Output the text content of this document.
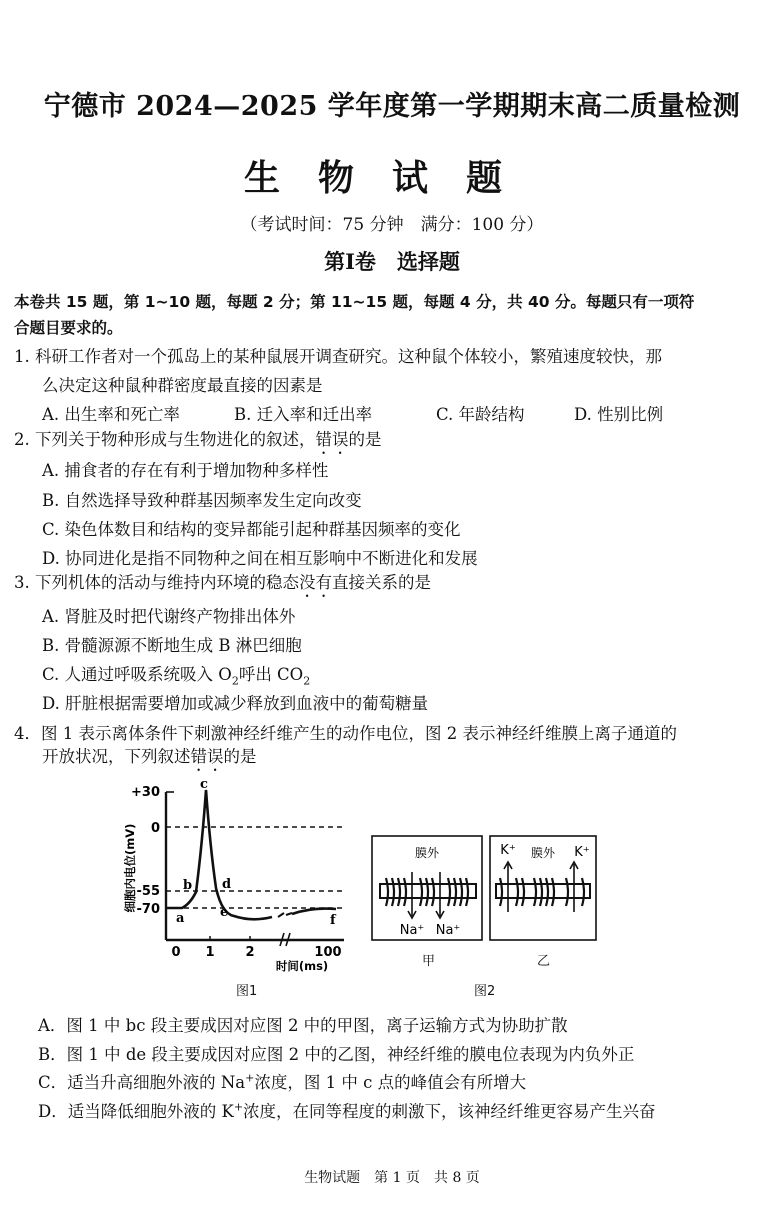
宁德市 2024—2025 学年度第一学期期末高二质量检测
生物试题
（考试时间：75 分钟　满分：100 分）
第Ⅰ卷　选择题
本卷共 15 题，第 1~10 题，每题 2 分；第 11~15 题，每题 4 分，共 40 分。每题只有一项符
合题目要求的。
1. 科研工作者对一个孤岛上的某种鼠展开调查研究。这种鼠个体较小，繁殖速度较快，那
么决定这种鼠种群密度最直接的因素是
A. 出生率和死亡率	B. 迁入率和迁出率	C. 年龄结构	D. 性别比例
2. 下列关于物种形成与生物进化的叙述，错误的是
A. 捕食者的存在有利于增加物种多样性
B. 自然选择导致种群基因频率发生定向改变
C. 染色体数目和结构的变异都能引起种群基因频率的变化
D. 协同进化是指不同物种之间在相互影响中不断进化和发展
3. 下列机体的活动与维持内环境的稳态没有直接关系的是
A. 肾脏及时把代谢终产物排出体外
B. 骨髓源源不断地生成 B 淋巴细胞
C. 人通过呼吸系统吸入 $O_2$呼出 $CO_2$
D. 肝脏根据需要增加或减少释放到血液中的葡萄糖量
4．图 1 表示离体条件下刺激神经纤维产生的动作电位，图 2 表示神经纤维膜上离子通道的
开放状况，下列叙述错误的是
+30
0
-55
-70
细胞内电位(mV)
0 1 2	100
时间(ms)
a
b
c
d
e
f
图1
膜外
Na⁺ Na⁺
膜外
K⁺	K⁺
甲	乙
图2
A．图 1 中 bc 段主要成因对应图 2 中的甲图，离子运输方式为协助扩散
B．图 1 中 de 段主要成因对应图 2 中的乙图，神经纤维的膜电位表现为内负外正
C．适当升高细胞外液的 Na+浓度，图 1 中 c 点的峰值会有所增大
D．适当降低细胞外液的 K+浓度，在同等程度的刺激下，该神经纤维更容易产生兴奋
生物试题　第 1 页　共 8 页
